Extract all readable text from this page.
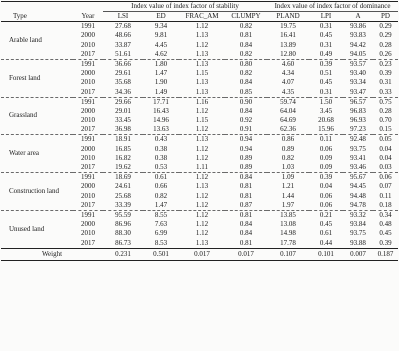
Type	Year	Index value of index factor of stability				Index value of index factor of dominance			
		LSI	ED	FRAC_AM	CLUMPY	PLAND	LPI	A	PD
Arable land	1991	27.68	9.34	1.12	0.82	19.75	0.31	93.86	0.29
	2000	48.66	9.81	1.13	0.81	16.41	0.45	93.83	0.29
	2010	33.87	4.45	1.12	0.84	13.89	0.31	94.42	0.28
	2017	51.61	4.62	1.13	0.82	12.80	0.49	94.05	0.26
Forest land	1991	36.66	1.80	1.13	0.80	4.60	0.39	93.57	0.23
	2000	29.61	1.47	1.15	0.82	4.34	0.51	93.40	0.39
	2010	35.68	1.90	1.13	0.84	4.07	0.45	93.34	0.31
	2017	34.36	1.49	1.13	0.85	4.35	0.31	93.47	0.33
Grassland	1991	29.66	17.71	1.16	0.90	59.74	1.50	96.57	0.75
	2000	29.01	16.43	1.12	0.84	64.04	3.45	96.83	0.28
	2010	33.45	14.96	1.15	0.92	64.69	20.68	96.93	0.70
	2017	36.98	13.63	1.12	0.91	62.36	15.96	97.23	0.15
Water area	1991	18.91	0.43	1.13	0.94	0.86	0.11	92.48	0.05
	2000	16.85	0.38	1.12	0.94	0.89	0.06	93.75	0.04
	2010	16.82	0.38	1.12	0.89	0.82	0.09	93.41	0.04
	2017	19.62	0.53	1.11	0.89	1.03	0.09	93.46	0.03
Construction land	1991	18.69	0.61	1.12	0.84	1.09	0.39	95.67	0.06
	2000	24.61	0.66	1.13	0.81	1.21	0.04	94.45	0.07
	2010	25.68	0.82	1.12	0.81	1.44	0.06	94.48	0.11
	2017	33.39	1.47	1.12	0.87	1.97	0.06	94.78	0.18
Unused land	1991	95.59	8.55	1.12	0.81	13.85	0.21	93.32	0.34
	2000	86.96	7.63	1.12	0.84	13.08	0.45	93.84	0.48
	2010	88.30	6.99	1.12	0.84	14.98	0.61	93.75	0.45
	2017	86.73	8.53	1.13	0.81	17.78	0.44	93.88	0.39
Weight		0.231	0.501	0.017	0.017	0.107	0.101	0.007	0.187
